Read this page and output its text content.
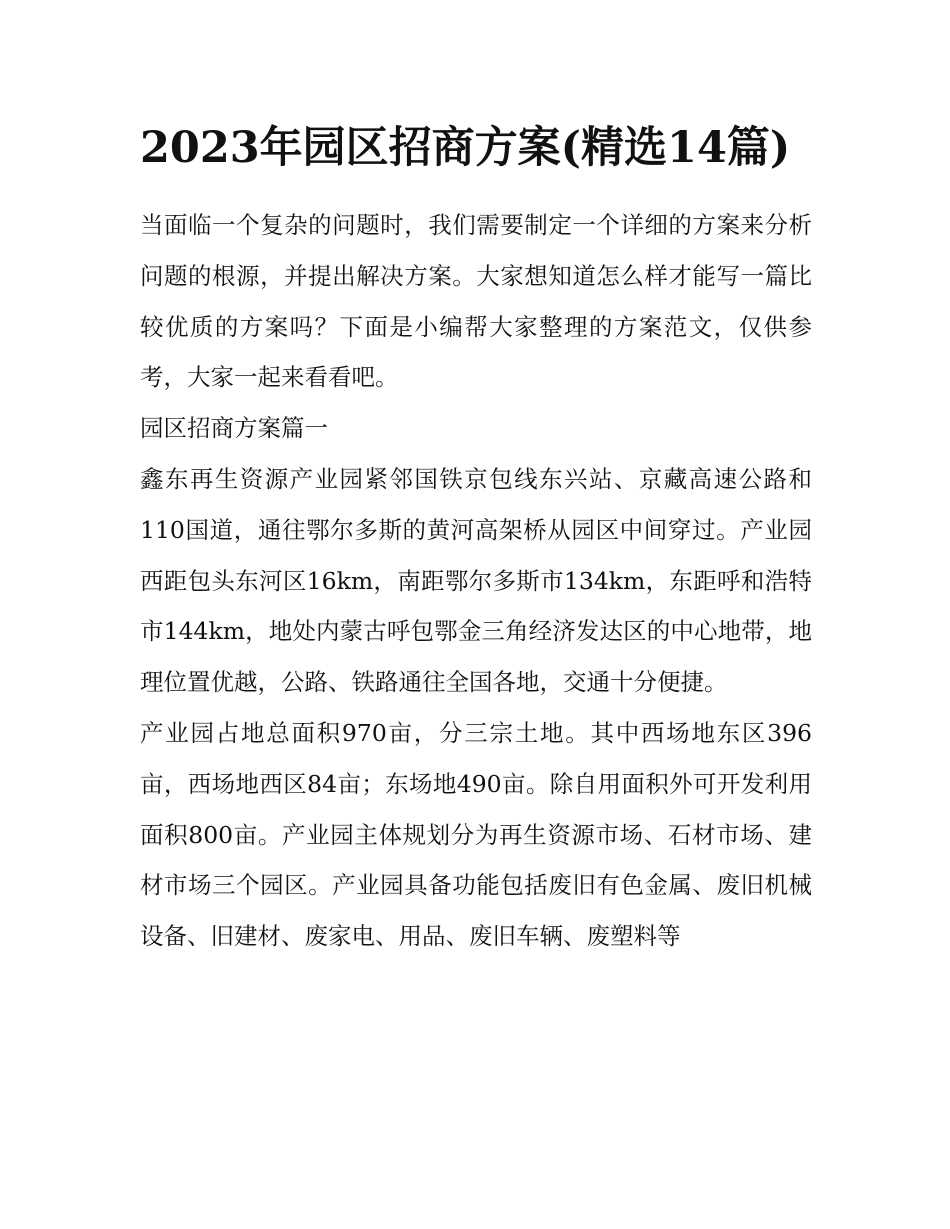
2023年园区招商方案(精选14篇)

当面临一个复杂的问题时，我们需要制定一个详细的方案来分析问题的根源，并提出解决方案。大家想知道怎么样才能写一篇比较优质的方案吗？下面是小编帮大家整理的方案范文，仅供参考，大家一起来看看吧。

园区招商方案篇一

鑫东再生资源产业园紧邻国铁京包线东兴站、京藏高速公路和110国道，通往鄂尔多斯的黄河高架桥从园区中间穿过。产业园西距包头东河区16km，南距鄂尔多斯市134km，东距呼和浩特市144km，地处内蒙古呼包鄂金三角经济发达区的中心地带，地理位置优越，公路、铁路通往全国各地，交通十分便捷。

产业园占地总面积970亩，分三宗土地。其中西场地东区396亩，西场地西区84亩；东场地490亩。除自用面积外可开发利用面积800亩。产业园主体规划分为再生资源市场、石材市场、建材市场三个园区。产业园具备功能包括废旧有色金属、废旧机械设备、旧建材、废家电、用品、废旧车辆、废塑料等
